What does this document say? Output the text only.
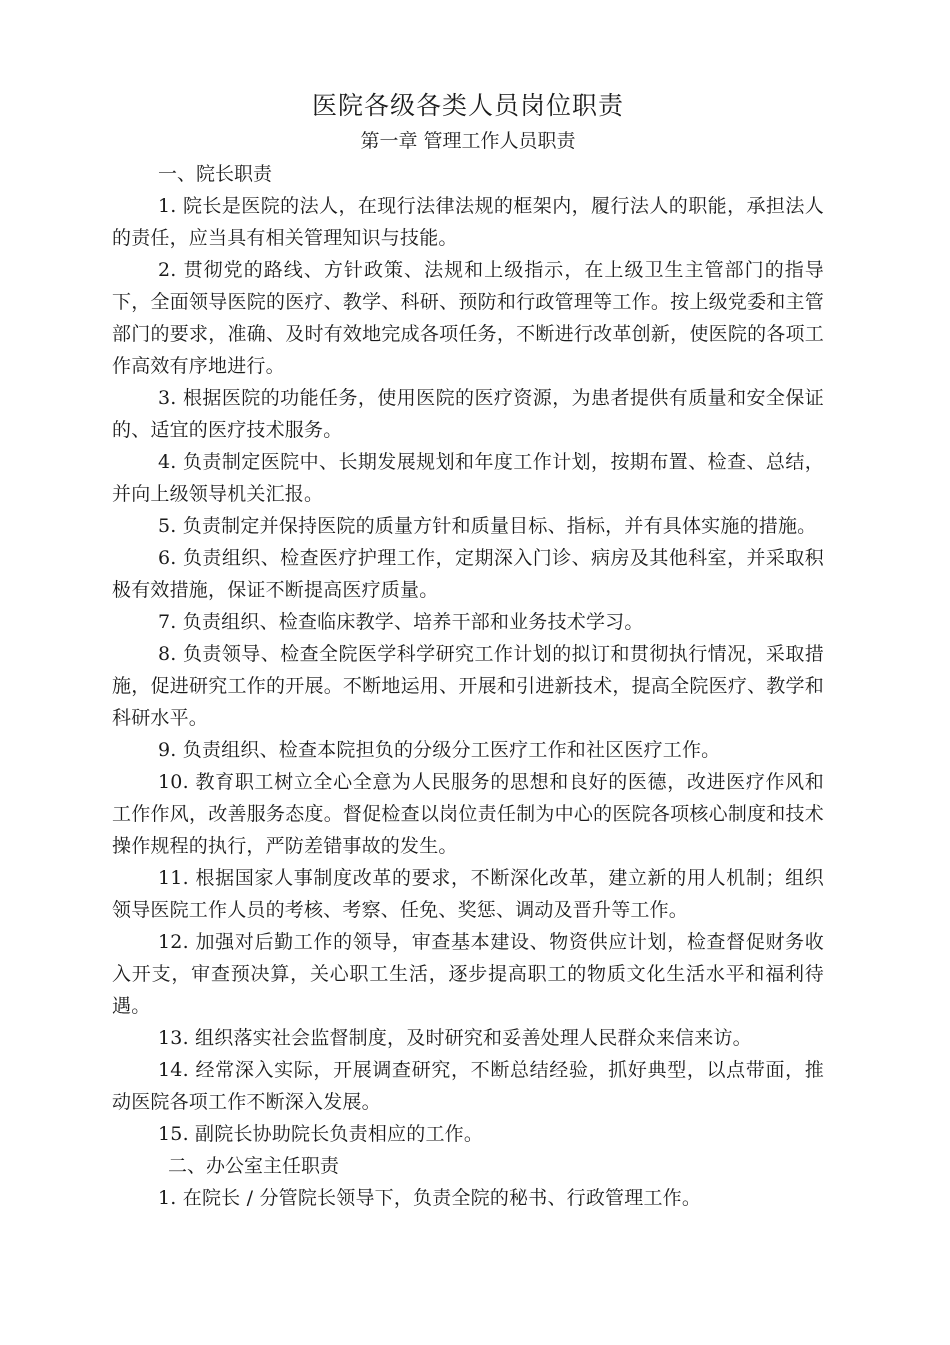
医院各级各类人员岗位职责
第一章 管理工作人员职责
一、院长职责

1. 院长是医院的法人，在现行法律法规的框架内，履行法人的职能，承担法人的责任，应当具有相关管理知识与技能。

2. 贯彻党的路线、方针政策、法规和上级指示，在上级卫生主管部门的指导下，全面领导医院的医疗、教学、科研、预防和行政管理等工作。按上级党委和主管部门的要求，准确、及时有效地完成各项任务，不断进行改革创新，使医院的各项工作高效有序地进行。

3. 根据医院的功能任务，使用医院的医疗资源，为患者提供有质量和安全保证的、适宜的医疗技术服务。

4. 负责制定医院中、长期发展规划和年度工作计划，按期布置、检查、总结，并向上级领导机关汇报。

5. 负责制定并保持医院的质量方针和质量目标、指标，并有具体实施的措施。

6. 负责组织、检查医疗护理工作，定期深入门诊、病房及其他科室，并采取积极有效措施，保证不断提高医疗质量。

7. 负责组织、检查临床教学、培养干部和业务技术学习。

8. 负责领导、检查全院医学科学研究工作计划的拟订和贯彻执行情况，采取措施，促进研究工作的开展。不断地运用、开展和引进新技术，提高全院医疗、教学和科研水平。

9. 负责组织、检查本院担负的分级分工医疗工作和社区医疗工作。

10. 教育职工树立全心全意为人民服务的思想和良好的医德，改进医疗作风和工作作风，改善服务态度。督促检查以岗位责任制为中心的医院各项核心制度和技术操作规程的执行，严防差错事故的发生。

11. 根据国家人事制度改革的要求，不断深化改革，建立新的用人机制；组织领导医院工作人员的考核、考察、任免、奖惩、调动及晋升等工作。

12. 加强对后勤工作的领导，审查基本建设、物资供应计划，检查督促财务收入开支，审查预决算，关心职工生活，逐步提高职工的物质文化生活水平和福利待遇。

13. 组织落实社会监督制度，及时研究和妥善处理人民群众来信来访。

14. 经常深入实际，开展调查研究，不断总结经验，抓好典型，以点带面，推动医院各项工作不断深入发展。

15. 副院长协助院长负责相应的工作。

二、办公室主任职责

1. 在院长 / 分管院长领导下，负责全院的秘书、行政管理工作。
